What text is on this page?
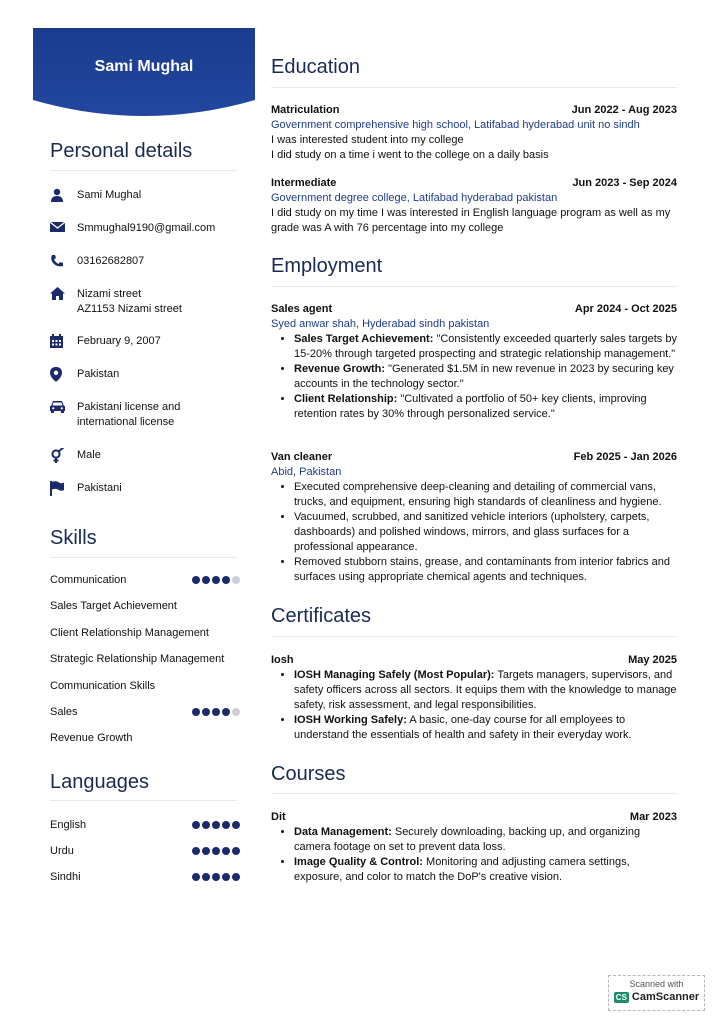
Sami Mughal
Personal details
Sami Mughal
Smmughal9190@gmail.com
03162682807
Nizami street
AZ1153 Nizami street
February 9, 2007
Pakistan
Pakistani license and
international license
Male
Pakistani
Skills
Communication
Sales Target Achievement
Client Relationship Management
Strategic Relationship Management
Communication Skills
Sales
Revenue Growth
Languages
English
Urdu
Sindhi
Education
Matriculation	Jun 2022 - Aug 2023
Government comprehensive high school, Latifabad hyderabad unit no sindh
I was interested student into my college
I did study on a time i went to the college on a daily basis
Intermediate	Jun 2023 - Sep 2024
Government degree college, Latifabad hyderabad pakistan
I did study on my time I was interested in English language program as well as my
grade was A with 76 percentage into my college
Employment
Sales agent	Apr 2024 - Oct 2025
Syed anwar shah, Hyderabad sindh pakistan
• Sales Target Achievement: "Consistently exceeded quarterly sales targets by 15-20% through targeted prospecting and strategic relationship management."
• Revenue Growth: "Generated $1.5M in new revenue in 2023 by securing key accounts in the technology sector."
• Client Relationship: "Cultivated a portfolio of 50+ key clients, improving retention rates by 30% through personalized service."
Van cleaner	Feb 2025 - Jan 2026
Abid, Pakistan
• Executed comprehensive deep-cleaning and detailing of commercial vans, trucks, and equipment, ensuring high standards of cleanliness and hygiene.
• Vacuumed, scrubbed, and sanitized vehicle interiors (upholstery, carpets, dashboards) and polished windows, mirrors, and glass surfaces for a professional appearance.
• Removed stubborn stains, grease, and contaminants from interior fabrics and surfaces using appropriate chemical agents and techniques.
Certificates
Iosh	May 2025
• IOSH Managing Safely (Most Popular): Targets managers, supervisors, and safety officers across all sectors. It equips them with the knowledge to manage safety, risk assessment, and legal responsibilities.
• IOSH Working Safely: A basic, one-day course for all employees to understand the essentials of health and safety in their everyday work.
Courses
Dit	Mar 2023
• Data Management: Securely downloading, backing up, and organizing camera footage on set to prevent data loss.
• Image Quality & Control: Monitoring and adjusting camera settings, exposure, and color to match the DoP's creative vision.
Scanned with
CS CamScanner
